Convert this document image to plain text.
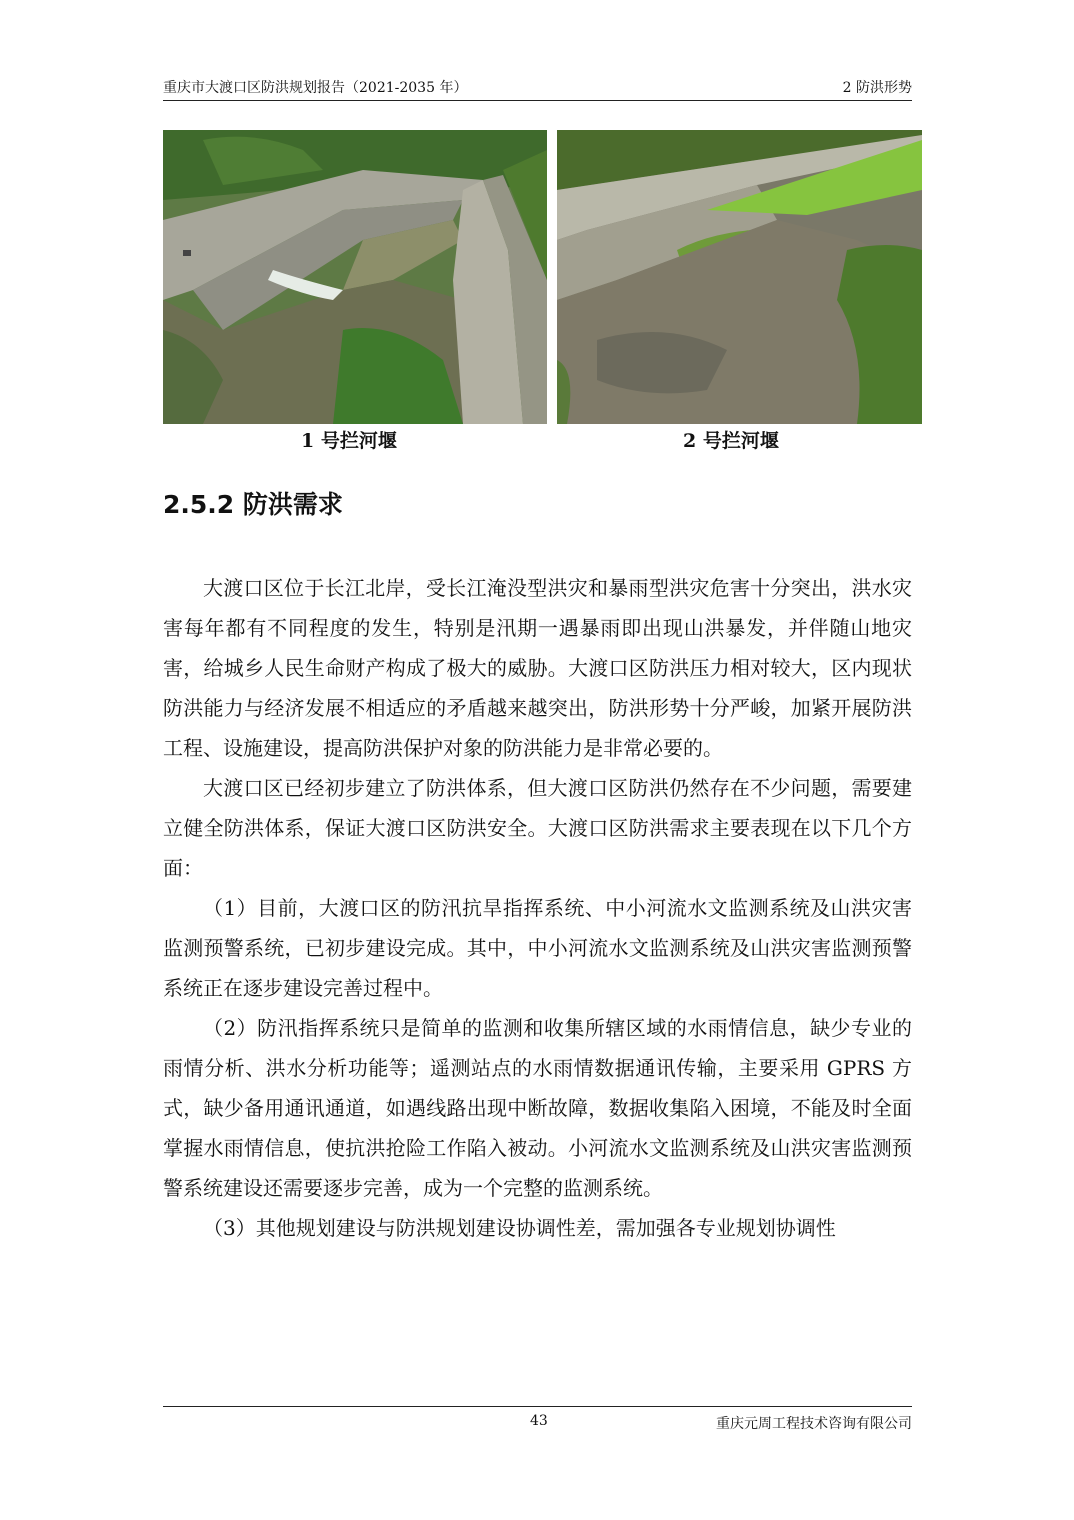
重庆市大渡口区防洪规划报告（2021-2035 年）	2 防洪形势
1 号拦河堰	2 号拦河堰
2.5.2 防洪需求

大渡口区位于长江北岸，受长江淹没型洪灾和暴雨型洪灾危害十分突出，洪水灾害每年都有不同程度的发生，特别是汛期一遇暴雨即出现山洪暴发，并伴随山地灾害，给城乡人民生命财产构成了极大的威胁。大渡口区防洪压力相对较大，区内现状防洪能力与经济发展不相适应的矛盾越来越突出，防洪形势十分严峻，加紧开展防洪工程、设施建设，提高防洪保护对象的防洪能力是非常必要的。

大渡口区已经初步建立了防洪体系，但大渡口区防洪仍然存在不少问题，需要建立健全防洪体系，保证大渡口区防洪安全。大渡口区防洪需求主要表现在以下几个方面：

（1）目前，大渡口区的防汛抗旱指挥系统、中小河流水文监测系统及山洪灾害监测预警系统，已初步建设完成。其中，中小河流水文监测系统及山洪灾害监测预警系统正在逐步建设完善过程中。

（2）防汛指挥系统只是简单的监测和收集所辖区域的水雨情信息，缺少专业的雨情分析、洪水分析功能等；遥测站点的水雨情数据通讯传输，主要采用 GPRS 方式，缺少备用通讯通道，如遇线路出现中断故障，数据收集陷入困境，不能及时全面掌握水雨情信息，使抗洪抢险工作陷入被动。小河流水文监测系统及山洪灾害监测预警系统建设还需要逐步完善，成为一个完整的监测系统。

（3）其他规划建设与防洪规划建设协调性差，需加强各专业规划协调性

43	重庆元周工程技术咨询有限公司
